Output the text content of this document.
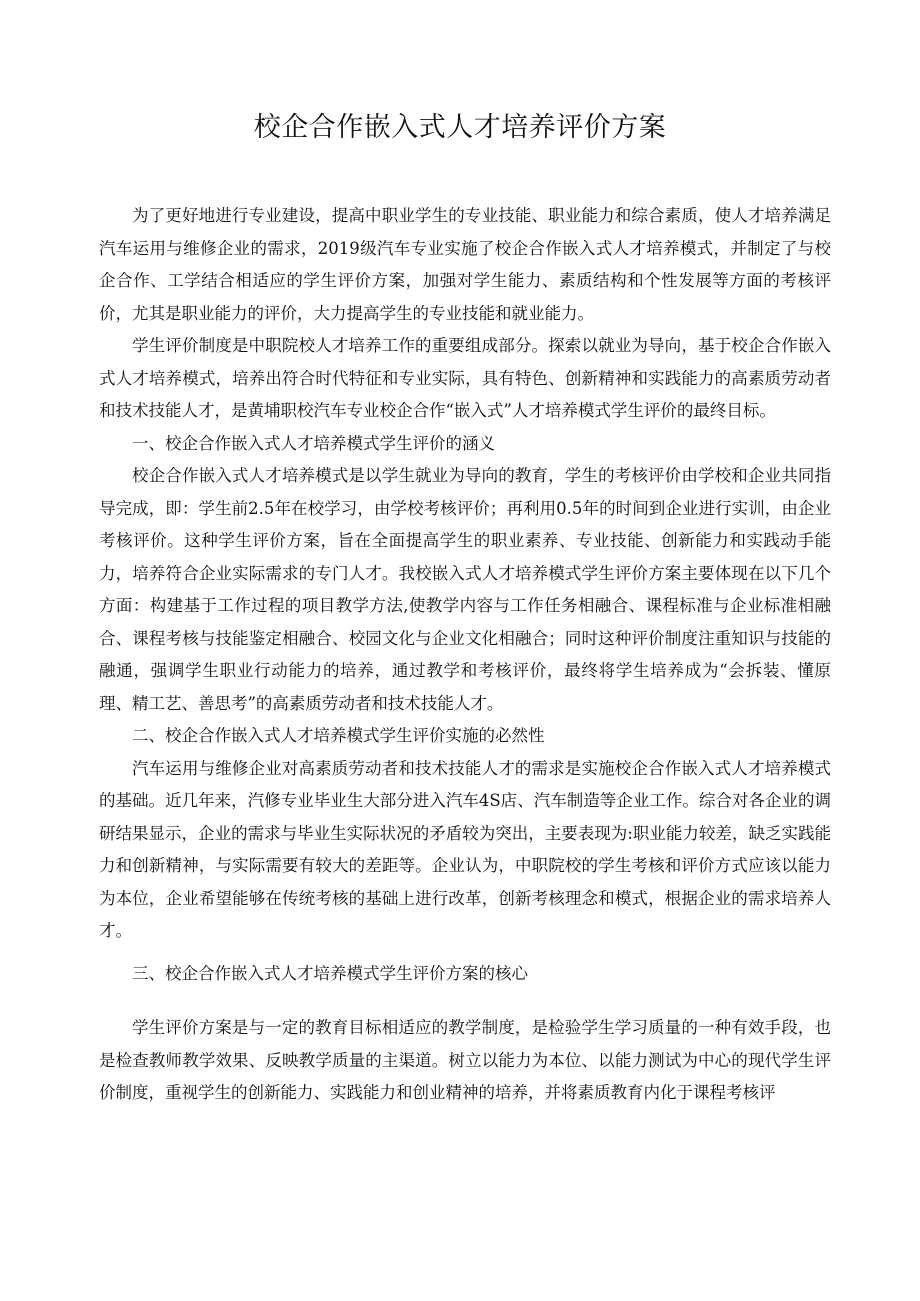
校企合作嵌入式人才培养评价方案

为了更好地进行专业建设，提高中职业学生的专业技能、职业能力和综合素质，使人才培养满足汽车运用与维修企业的需求，2019级汽车专业实施了校企合作嵌入式人才培养模式，并制定了与校企合作、工学结合相适应的学生评价方案，加强对学生能力、素质结构和个性发展等方面的考核评价，尤其是职业能力的评价，大力提高学生的专业技能和就业能力。

学生评价制度是中职院校人才培养工作的重要组成部分。探索以就业为导向，基于校企合作嵌入式人才培养模式，培养出符合时代特征和专业实际，具有特色、创新精神和实践能力的高素质劳动者和技术技能人才，是黄埔职校汽车专业校企合作“嵌入式”人才培养模式学生评价的最终目标。

一、校企合作嵌入式人才培养模式学生评价的涵义

校企合作嵌入式人才培养模式是以学生就业为导向的教育，学生的考核评价由学校和企业共同指导完成，即：学生前2.5年在校学习，由学校考核评价；再利用0.5年的时间到企业进行实训，由企业考核评价。这种学生评价方案，旨在全面提高学生的职业素养、专业技能、创新能力和实践动手能力，培养符合企业实际需求的专门人才。我校嵌入式人才培养模式学生评价方案主要体现在以下几个方面：构建基于工作过程的项目教学方法,使教学内容与工作任务相融合、课程标准与企业标准相融合、课程考核与技能鉴定相融合、校园文化与企业文化相融合；同时这种评价制度注重知识与技能的融通，强调学生职业行动能力的培养，通过教学和考核评价，最终将学生培养成为“会拆装、懂原理、精工艺、善思考”的高素质劳动者和技术技能人才。

二、校企合作嵌入式人才培养模式学生评价实施的必然性

汽车运用与维修企业对高素质劳动者和技术技能人才的需求是实施校企合作嵌入式人才培养模式的基础。近几年来，汽修专业毕业生大部分进入汽车4S店、汽车制造等企业工作。综合对各企业的调研结果显示，企业的需求与毕业生实际状况的矛盾较为突出，主要表现为:职业能力较差，缺乏实践能力和创新精神，与实际需要有较大的差距等。企业认为，中职院校的学生考核和评价方式应该以能力为本位，企业希望能够在传统考核的基础上进行改革，创新考核理念和模式，根据企业的需求培养人才。

三、校企合作嵌入式人才培养模式学生评价方案的核心

学生评价方案是与一定的教育目标相适应的教学制度，是检验学生学习质量的一种有效手段，也是检查教师教学效果、反映教学质量的主渠道。树立以能力为本位、以能力测试为中心的现代学生评价制度，重视学生的创新能力、实践能力和创业精神的培养，并将素质教育内化于课程考核评
